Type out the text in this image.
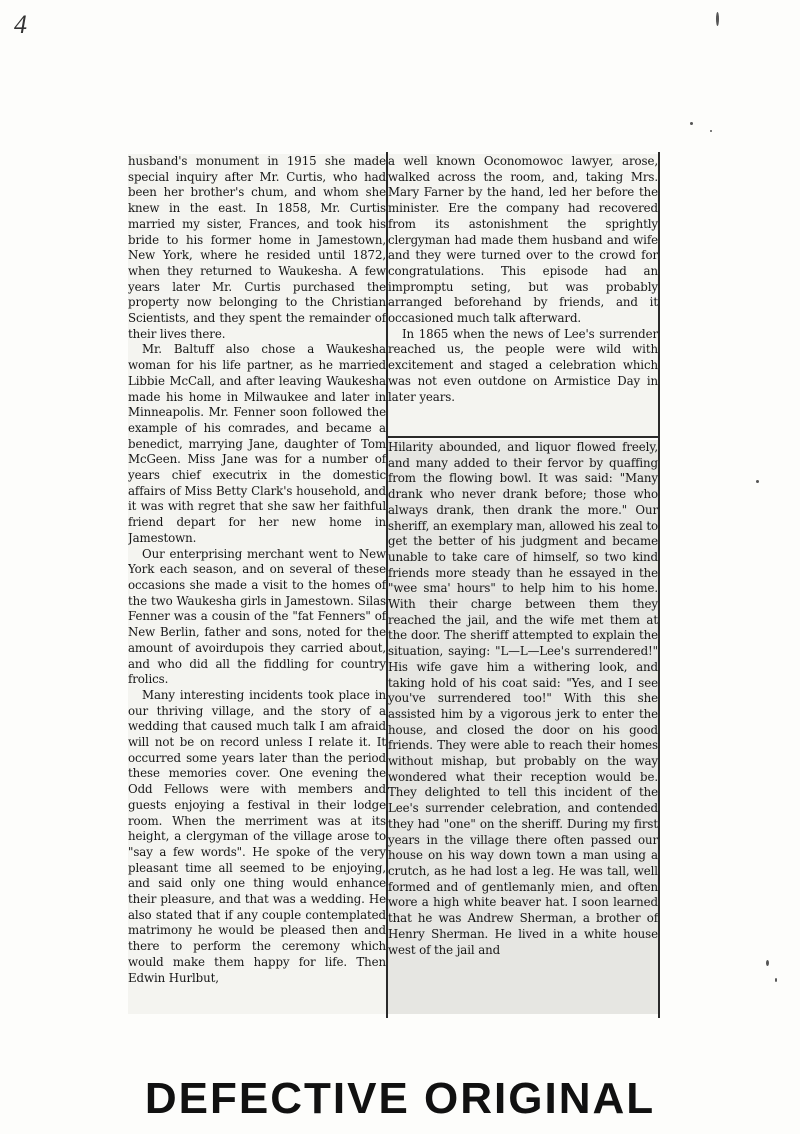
4

husband's monument in 1915 she made special inquiry after Mr. Curtis, who had been her brother's chum, and whom she knew in the east. In 1858, Mr. Curtis married my sister, Frances, and took his bride to his former home in Jamestown, New York, where he resided until 1872, when they returned to Waukesha. A few years later Mr. Curtis purchased the property now belonging to the Christian Scientists, and they spent the remainder of their lives there.

Mr. Baltuff also chose a Waukesha woman for his life partner, as he married Libbie McCall, and after leaving Waukesha made his home in Milwaukee and later in Minneapolis. Mr. Fenner soon followed the example of his comrades, and became a benedict, marrying Jane, daughter of Tom McGeen. Miss Jane was for a number of years chief executrix in the domestic affairs of Miss Betty Clark's household, and it was with regret that she saw her faithful friend depart for her new home in Jamestown.

Our enterprising merchant went to New York each season, and on several of these occasions she made a visit to the homes of the two Waukesha girls in Jamestown. Silas Fenner was a cousin of the "fat Fenners" of New Berlin, father and sons, noted for the amount of avoirdupois they carried about, and who did all the fiddling for country frolics.

Many interesting incidents took place in our thriving village, and the story of a wedding that caused much talk I am afraid will not be on record unless I relate it. It occurred some years later than the period these memories cover. One evening the Odd Fellows were with members and guests enjoying a festival in their lodge room. When the merriment was at its height, a clergyman of the village arose to "say a few words". He spoke of the very pleasant time all seemed to be enjoying, and said only one thing would enhance their pleasure, and that was a wedding. He also stated that if any couple contemplated matrimony he would be pleased then and there to perform the ceremony which would make them happy for life. Then Edwin Hurlbut,

a well known Oconomowoc lawyer, arose, walked across the room, and, taking Mrs. Mary Farner by the hand, led her before the minister. Ere the company had recovered from its astonishment the sprightly clergyman had made them husband and wife and they were turned over to the crowd for congratulations. This episode had an impromptu seting, but was probably arranged beforehand by friends, and it occasioned much talk afterward.

In 1865 when the news of Lee's surrender reached us, the people were wild with excitement and staged a celebration which was not even outdone on Armistice Day in later years.

Hilarity abounded, and liquor flowed freely, and many added to their fervor by quaffing from the flowing bowl. It was said: "Many drank who never drank before; those who always drank, then drank the more." Our sheriff, an exemplary man, allowed his zeal to get the better of his judgment and became unable to take care of himself, so two kind friends more steady than he essayed in the "wee sma' hours" to help him to his home. With their charge between them they reached the jail, and the wife met them at the door. The sheriff attempted to explain the situation, saying: "L—L—Lee's surrendered!" His wife gave him a withering look, and taking hold of his coat said: "Yes, and I see you've surrendered too!" With this she assisted him by a vigorous jerk to enter the house, and closed the door on his good friends. They were able to reach their homes without mishap, but probably on the way wondered what their reception would be. They delighted to tell this incident of the Lee's surrender celebration, and contended they had "one" on the sheriff. During my first years in the village there often passed our house on his way down town a man using a crutch, as he had lost a leg. He was tall, well formed and of gentlemanly mien, and often wore a high white beaver hat. I soon learned that he was Andrew Sherman, a brother of Henry Sherman. He lived in a white house west of the jail and

DEFECTIVE ORIGINAL
